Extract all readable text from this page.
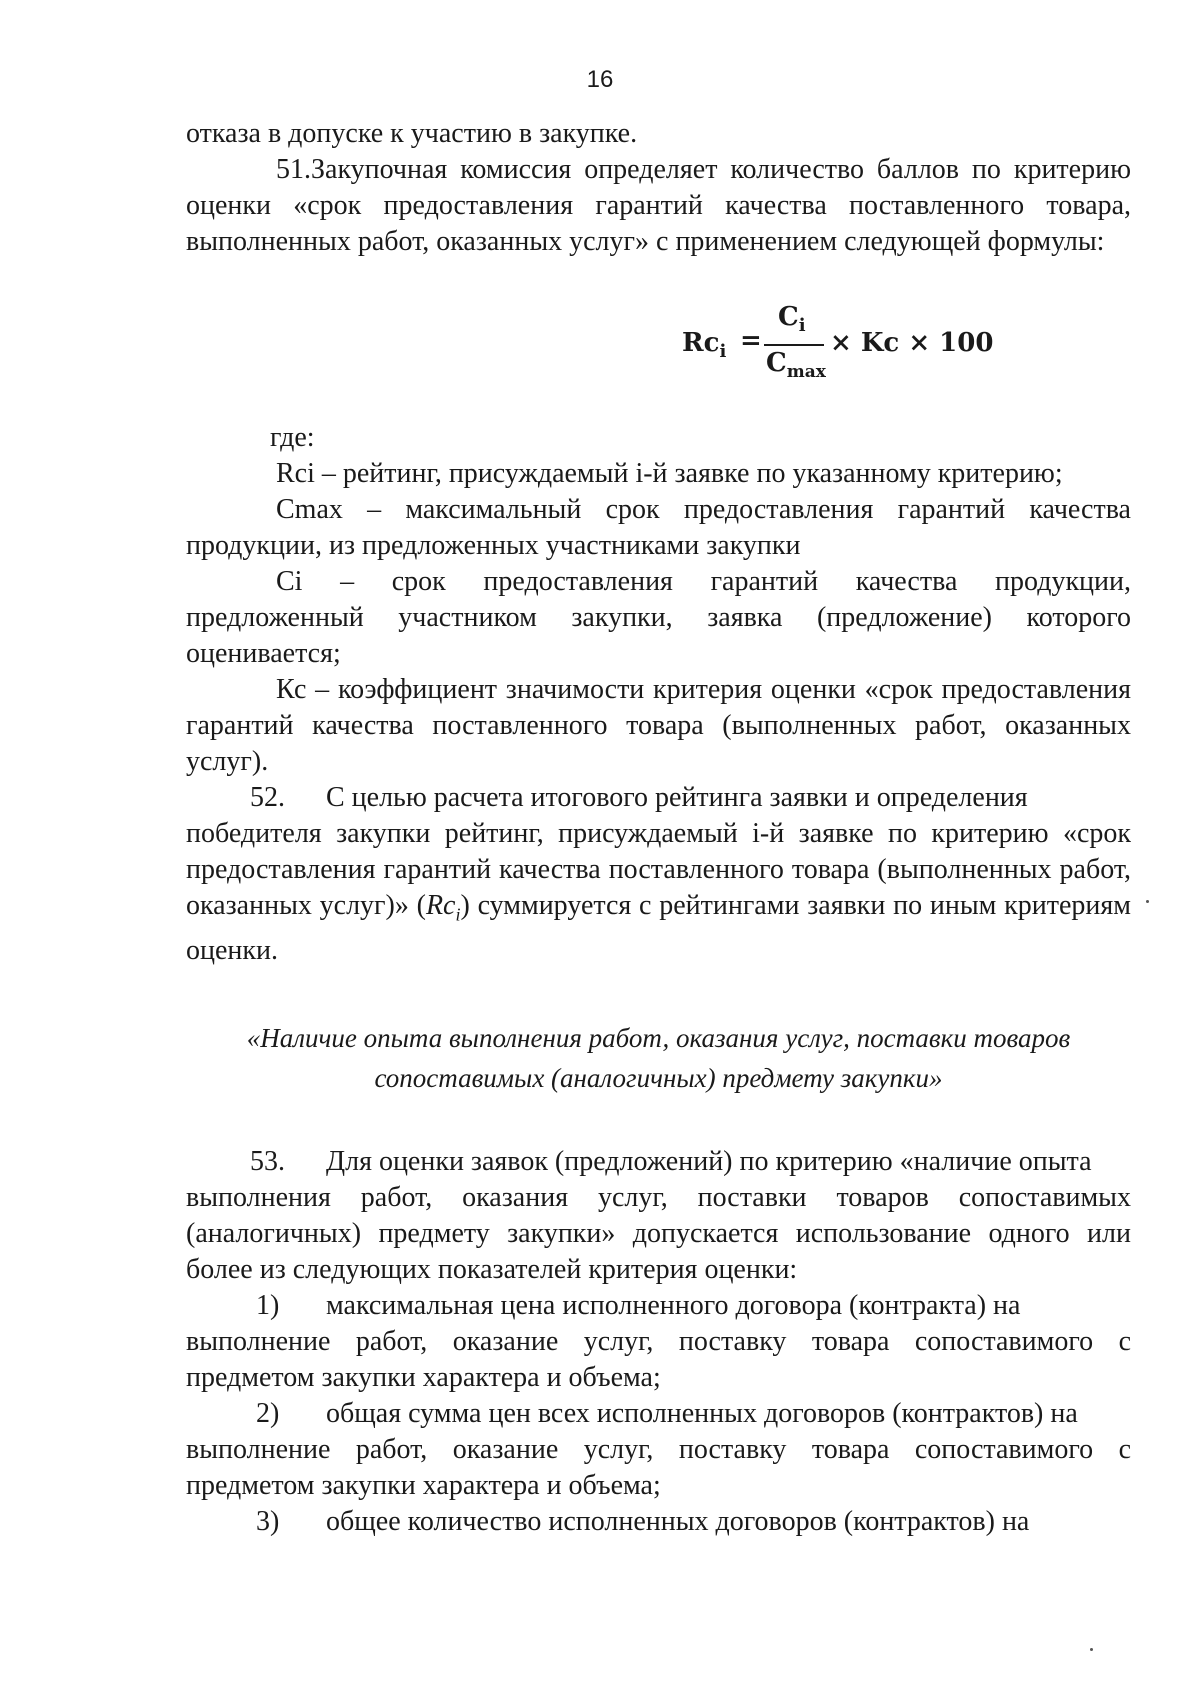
16

отказа в допуске к участию в закупке.

51.Закупочная комиссия определяет количество баллов по критерию оценки «срок предоставления гарантий качества поставленного товара, выполненных работ, оказанных услуг» с применением следующей формулы:

$Rc_i$ =
$C_i$
$C_{max}$
× Kc × 100
где:

Rci – рейтинг, присуждаемый i-й заявке по указанному критерию;

Cmax – максимальный срок предоставления гарантий качества продукции, из предложенных участниками закупки

Ci – срок предоставления гарантий качества продукции, предложенный участником закупки, заявка (предложение) которого оценивается;

Кс – коэффициент значимости критерия оценки «срок предоставления гарантий качества поставленного товара (выполненных работ, оказанных услуг).

52. С целью расчета итогового рейтинга заявки и определения

победителя закупки рейтинг, присуждаемый i-й заявке по критерию «срок предоставления гарантий качества поставленного товара (выполненных работ, оказанных услуг)» $(Rc_i)$ суммируется с рейтингами заявки по иным критериям оценки.

«Наличие опыта выполнения работ, оказания услуг, поставки товаров
сопоставимых (аналогичных) предмету закупки»
53. Для оценки заявок (предложений) по критерию «наличие опыта

выполнения работ, оказания услуг, поставки товаров сопоставимых (аналогичных) предмету закупки» допускается использование одного или более из следующих показателей критерия оценки:

1) максимальная цена исполненного договора (контракта) на

выполнение работ, оказание услуг, поставку товара сопоставимого с предметом закупки характера и объема;

2) общая сумма цен всех исполненных договоров (контрактов) на

выполнение работ, оказание услуг, поставку товара сопоставимого с предметом закупки характера и объема;

3) общее количество исполненных договоров (контрактов) на
